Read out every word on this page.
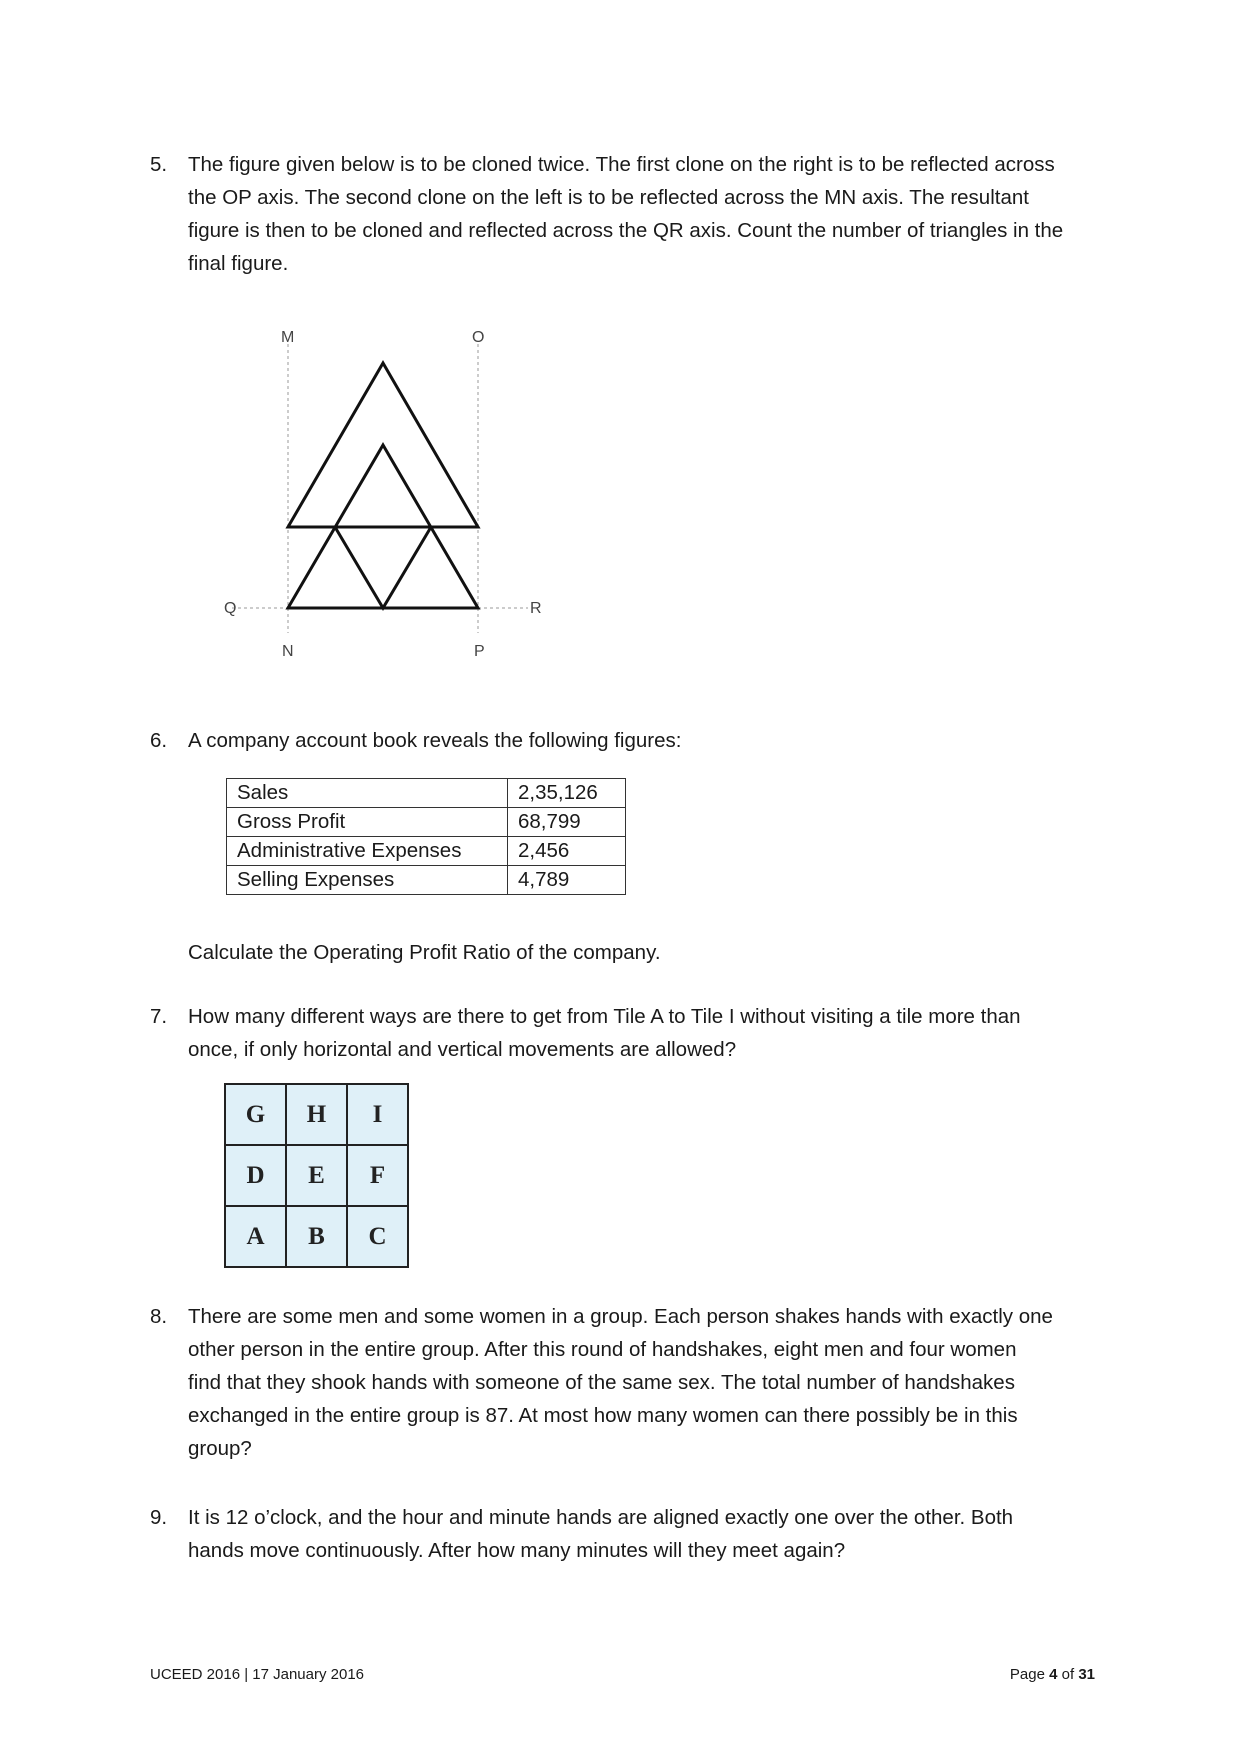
5. The figure given below is to be cloned twice. The first clone on the right is to be reflected across
the OP axis. The second clone on the left is to be reflected across the MN axis. The resultant
figure is then to be cloned and reflected across the QR axis. Count the number of triangles in the
final figure.
M	O
N	P
Q	R
6. A company account book reveals the following figures:
Sales	2,35,126
Gross Profit	68,799
Administrative Expenses	2,456
Selling Expenses	4,789
Calculate the Operating Profit Ratio of the company.
7. How many different ways are there to get from Tile A to Tile I without visiting a tile more than
once, if only horizontal and vertical movements are allowed?
G	H	I
D	E	F
A	B	C
8. There are some men and some women in a group. Each person shakes hands with exactly one
other person in the entire group. After this round of handshakes, eight men and four women
find that they shook hands with someone of the same sex. The total number of handshakes
exchanged in the entire group is 87. At most how many women can there possibly be in this
group?
9. It is 12 o’clock, and the hour and minute hands are aligned exactly one over the other. Both
hands move continuously. After how many minutes will they meet again?
UCEED 2016 | 17 January 2016	Page 4 of 31
